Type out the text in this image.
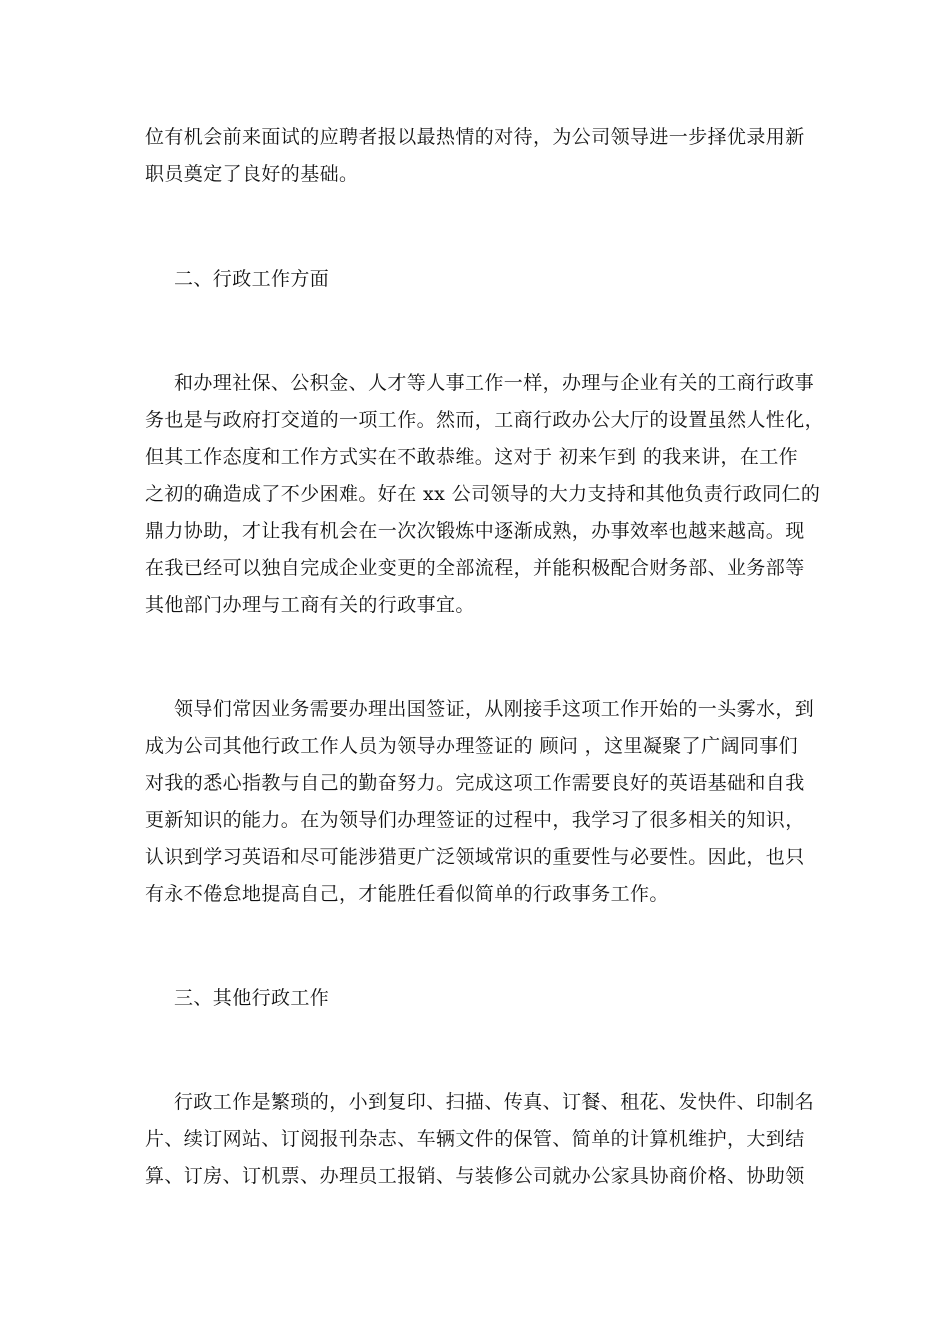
位有机会前来面试的应聘者报以最热情的对待，为公司领导进一步择优录用新
职员奠定了良好的基础。
二、行政工作方面
和办理社保、公积金、人才等人事工作一样，办理与企业有关的工商行政事
务也是与政府打交道的一项工作。然而，工商行政办公大厅的设置虽然人性化，
但其工作态度和工作方式实在不敢恭维。这对于 初来乍到 的我来讲，在工作
之初的确造成了不少困难。好在 xx 公司领导的大力支持和其他负责行政同仁的
鼎力协助，才让我有机会在一次次锻炼中逐渐成熟，办事效率也越来越高。现
在我已经可以独自完成企业变更的全部流程，并能积极配合财务部、业务部等
其他部门办理与工商有关的行政事宜。
领导们常因业务需要办理出国签证，从刚接手这项工作开始的一头雾水，到
成为公司其他行政工作人员为领导办理签证的 顾问 ，这里凝聚了广阔同事们
对我的悉心指教与自己的勤奋努力。完成这项工作需要良好的英语基础和自我
更新知识的能力。在为领导们办理签证的过程中，我学习了很多相关的知识，
认识到学习英语和尽可能涉猎更广泛领域常识的重要性与必要性。因此，也只
有永不倦怠地提高自己，才能胜任看似简单的行政事务工作。
三、其他行政工作
行政工作是繁琐的，小到复印、扫描、传真、订餐、租花、发快件、印制名
片、续订网站、订阅报刊杂志、车辆文件的保管、简单的计算机维护，大到结
算、订房、订机票、办理员工报销、与装修公司就办公家具协商价格、协助领
